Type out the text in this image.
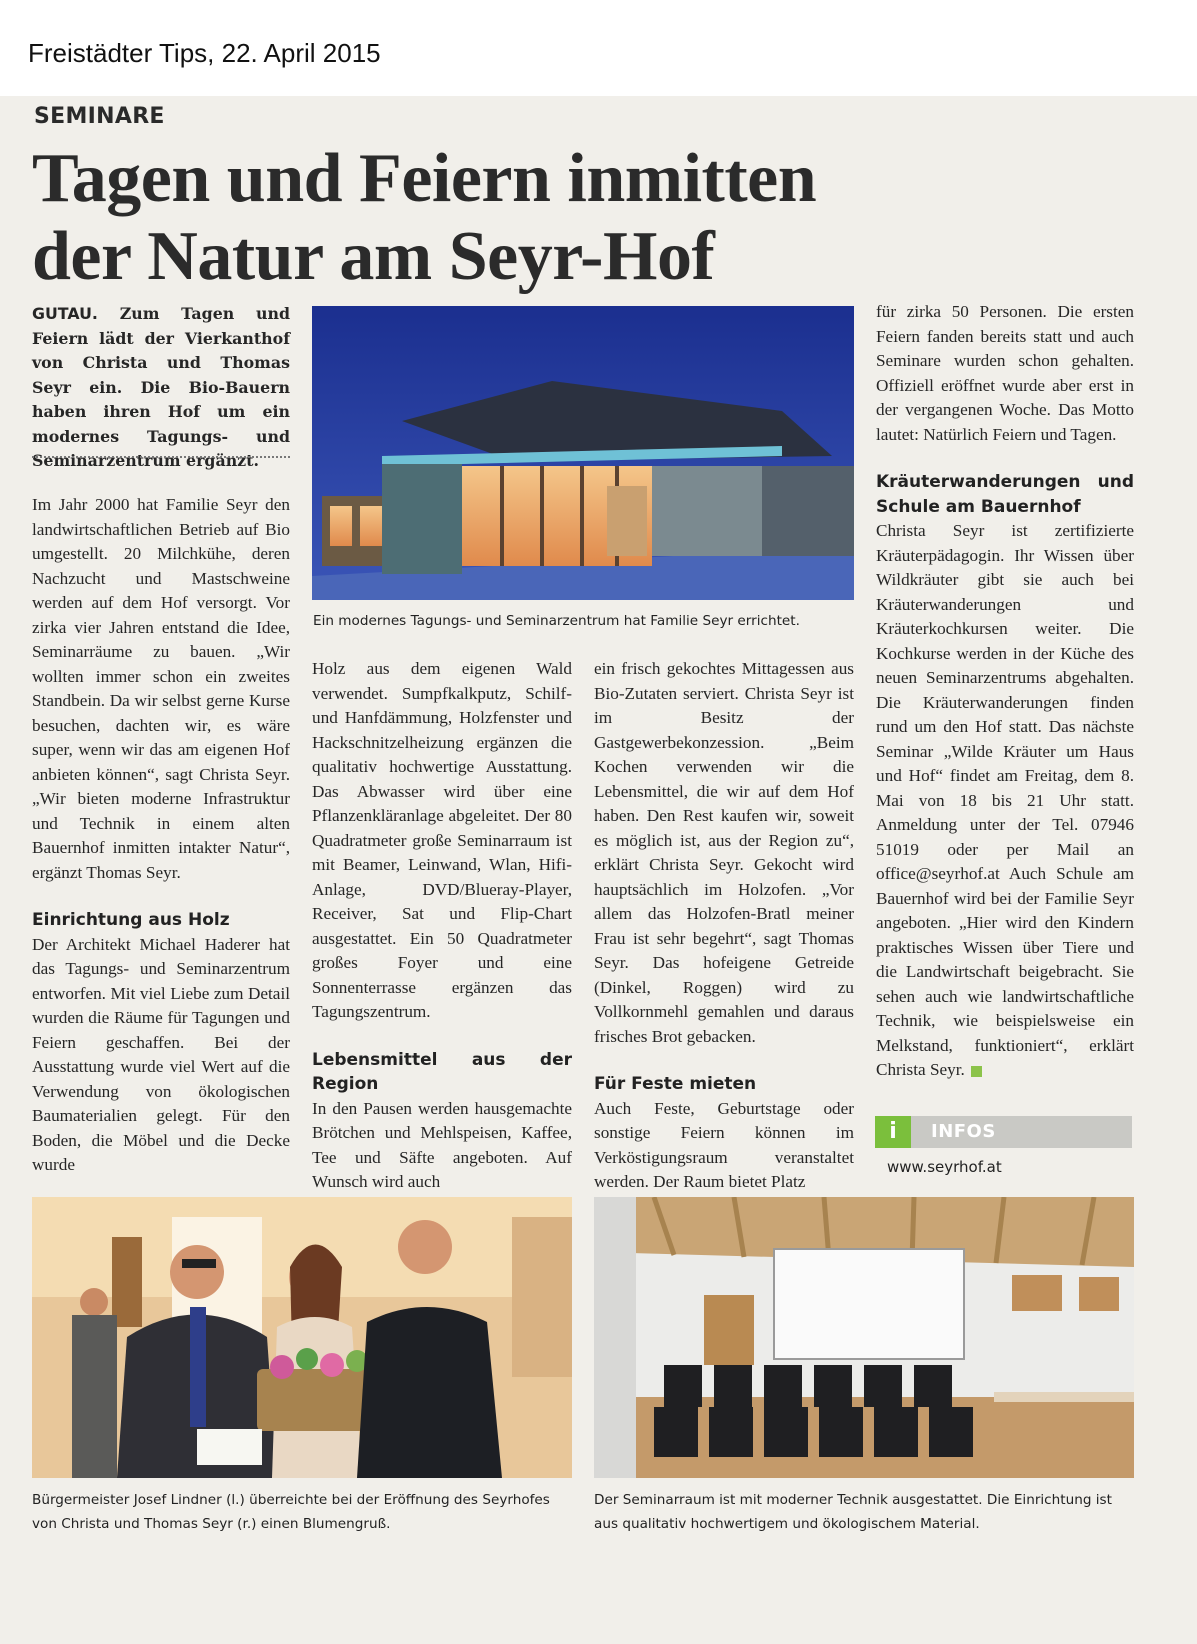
Freistädter Tips, 22. April 2015
SEMINARE
Tagen und Feiern inmitten
der Natur am Seyr-Hof
GUTAU. Zum Tagen und Feiern lädt der Vierkanthof von Christa und Thomas Seyr ein. Die Bio-Bauern haben ihren Hof um ein modernes Tagungs- und Seminarzentrum ergänzt.

Im Jahr 2000 hat Familie Seyr den landwirtschaftlichen Betrieb auf Bio umgestellt. 20 Milchkühe, deren Nachzucht und Mastschweine werden auf dem Hof versorgt. Vor zirka vier Jahren entstand die Idee, Seminarräume zu bauen. „Wir wollten immer schon ein zweites Standbein. Da wir selbst gerne Kurse besuchen, dachten wir, es wäre super, wenn wir das am eigenen Hof anbieten können“, sagt Christa Seyr. „Wir bieten moderne Infrastruktur und Technik in einem alten Bauernhof inmitten intakter Natur“, ergänzt Thomas Seyr.

Einrichtung aus Holz

Der Architekt Michael Haderer hat das Tagungs- und Seminarzentrum entworfen. Mit viel Liebe zum Detail wurden die Räume für Tagungen und Feiern geschaffen. Bei der Ausstattung wurde viel Wert auf die Verwendung von ökologischen Baumaterialien gelegt. Für den Boden, die Möbel und die Decke wurde

Ein modernes Tagungs- und Seminarzentrum hat Familie Seyr errichtet.

Holz aus dem eigenen Wald verwendet. Sumpfkalkputz, Schilf- und Hanfdämmung, Holzfenster und Hackschnitzelheizung ergänzen die qualitativ hochwertige Ausstattung. Das Abwasser wird über eine Pflanzenkläranlage abgeleitet. Der 80 Quadratmeter große Seminarraum ist mit Beamer, Leinwand, Wlan, Hifi-Anlage, DVD/Blueray-Player, Receiver, Sat und Flip-Chart ausgestattet. Ein 50 Quadratmeter großes Foyer und eine Sonnenterrasse ergänzen das Tagungszentrum.

Lebensmittel aus der Region

In den Pausen werden hausgemachte Brötchen und Mehlspeisen, Kaffee, Tee und Säfte angeboten. Auf Wunsch wird auch

ein frisch gekochtes Mittagessen aus Bio-Zutaten serviert. Christa Seyr ist im Besitz der Gastgewerbekonzession. „Beim Kochen verwenden wir die Lebensmittel, die wir auf dem Hof haben. Den Rest kaufen wir, soweit es möglich ist, aus der Region zu“, erklärt Christa Seyr. Gekocht wird hauptsächlich im Holzofen. „Vor allem das Holzofen-Bratl meiner Frau ist sehr begehrt“, sagt Thomas Seyr. Das hofeigene Getreide (Dinkel, Roggen) wird zu Vollkornmehl gemahlen und daraus frisches Brot gebacken.

Für Feste mieten

Auch Feste, Geburtstage oder sonstige Feiern können im Verköstigungsraum veranstaltet werden. Der Raum bietet Platz

für zirka 50 Personen. Die ersten Feiern fanden bereits statt und auch Seminare wurden schon gehalten. Offiziell eröffnet wurde aber erst in der vergangenen Woche. Das Motto lautet: Natürlich Feiern und Tagen.

Kräuterwanderungen und Schule am Bauernhof

Christa Seyr ist zertifizierte Kräuterpädagogin. Ihr Wissen über Wildkräuter gibt sie auch bei Kräuterwanderungen und Kräuterkochkursen weiter. Die Kochkurse werden in der Küche des neuen Seminarzentrums abgehalten. Die Kräuterwanderungen finden rund um den Hof statt. Das nächste Seminar „Wilde Kräuter um Haus und Hof“ findet am Freitag, dem 8. Mai von 18 bis 21 Uhr statt. Anmeldung unter der Tel. 07946 51019 oder per Mail an office@seyrhof.at Auch Schule am Bauernhof wird bei der Familie Seyr angeboten. „Hier wird den Kindern praktisches Wissen über Tiere und die Landwirtschaft beigebracht. Sie sehen auch wie landwirtschaftliche Technik, wie beispielsweise ein Melkstand, funktioniert“, erklärt Christa Seyr.

i	INFOS
www.seyrhof.at
Bürgermeister Josef Lindner (l.) überreichte bei der Eröffnung des Seyrhofes von Christa und Thomas Seyr (r.) einen Blumengruß.
Der Seminarraum ist mit moderner Technik ausgestattet. Die Einrichtung ist aus qualitativ hochwertigem und ökologischem Material.
